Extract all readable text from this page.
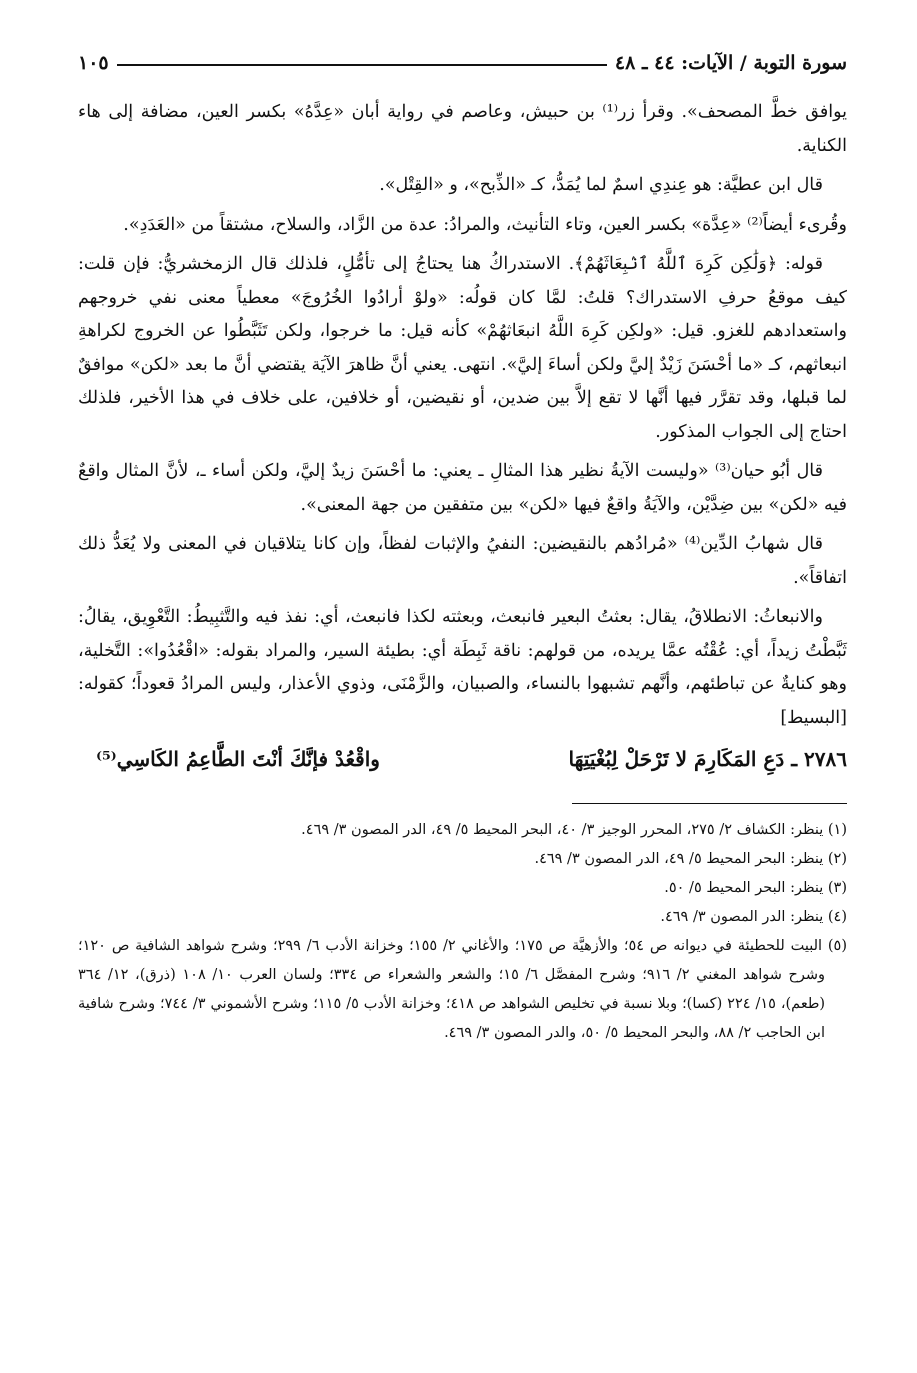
سورة التوبة / الآيات: ٤٤ ـ ٤٨
١٠٥

يوافق خطَّ المصحف». وقرأ زر⁽¹⁾ بن حبيش، وعاصم في رواية أبان «عِدَّهُ» بكسر العين، مضافة إلى هاء الكناية.

قال ابن عطيَّة: هو عِندِي اسمٌ لما يُمَدُّ، كـ «الذِّبح»، و «القِتْل».

وقُرىء أيضاً⁽²⁾ «عِدَّة» بكسر العين، وتاء التأنيث، والمرادُ: عدة من الزَّاد، والسلاح، مشتقاً من «العَدَدِ».

قوله: ﴿وَلَٰكِن كَرِهَ ٱللَّهُ ٱنۢبِعَاثَهُمْ﴾. الاستدراكُ هنا يحتاجُ إلى تأمُّلٍ، فلذلك قال الزمخشريُّ: فإن قلت: كيف موقعُ حرفِ الاستدراك؟ قلتُ: لمَّا كان قولُه: «ولوْ أرادُوا الخُرُوجَ» معطياً معنى نفي خروجهم واستعدادهم للغزو. قيل: «ولكِن كَرِهَ اللَّهُ انبعَاثهُمْ» كأنه قيل: ما خرجوا، ولكن تَثَبَّطُوا عن الخروج لكراهةِ انبعاثهم، كـ «ما أحْسَنَ زَيْدٌ إليَّ ولكن أساءَ إليَّ». انتهى. يعني أنَّ ظاهرَ الآيَة يقتضي أنَّ ما بعد «لكن» موافقٌ لما قبلها، وقد تقرَّر فيها أنَّها لا تقع إلاَّ بين ضدين، أو نقيضين، أو خلافين، على خلاف في هذا الأخير، فلذلك احتاج إلى الجواب المذكور.

قال أبُو حيان⁽³⁾ «وليست الآيةُ نظير هذا المثالِ ـ يعني: ما أحْسَنَ زيدٌ إليَّ، ولكن أساء ـ، لأنَّ المثال واقعٌ فيه «لكن» بين ضِدَّيْن، والآيَةُ واقعٌ فيها «لكن» بين متفقين من جهة المعنى».

قال شهابُ الدِّين⁽⁴⁾ «مُرادُهم بالنقيضين: النفيُ والإثبات لفظاً، وإن كانا يتلاقيان في المعنى ولا يُعَدُّ ذلك اتفاقاً».

والانبعاثُ: الانطلاقُ، يقال: بعثتُ البعير فانبعث، وبعثته لكذا فانبعث، أي: نفذ فيه والتَّثبِيطُ: التَّعْوِيق، يقالُ: ثَبَّطْتُ زيداً، أي: عُقْتُه عمَّا يريده، من قولهم: ناقة ثَبِطَة أي: بطيئة السير، والمراد بقوله: «اقْعُدُوا»: التَّخلية، وهو كنايةٌ عن تباطئهم، وأنَّهم تشبهوا بالنساء، والصبيان، والزَّمْنَى، وذوي الأعذار، وليس المرادُ قعوداً؛ كقوله: [البسيط]

٢٧٨٦ ـ دَعِ المَكَارِمَ لا تَرْحَلْ لِبُغْيَتِهَا
واقْعُدْ فإنَّكَ أنْتَ الطَّاعِمُ الكَاسِي⁽⁵⁾
(١) ينظر: الكشاف ٢/ ٢٧٥، المحرر الوجيز ٣/ ٤٠، البحر المحيط ٥/ ٤٩، الدر المصون ٣/ ٤٦٩.
(٢) ينظر: البحر المحيط ٥/ ٤٩، الدر المصون ٣/ ٤٦٩.
(٣) ينظر: البحر المحيط ٥/ ٥٠.
(٤) ينظر: الدر المصون ٣/ ٤٦٩.
(٥) البيت للحطيئة في ديوانه ص ٥٤؛ والأزهيَّة ص ١٧٥؛ والأغاني ٢/ ١٥٥؛ وخزانة الأدب ٦/ ٢٩٩؛ وشرح شواهد الشافية ص ١٢٠؛ وشرح شواهد المغني ٢/ ٩١٦؛ وشرح المفصَّل ٦/ ١٥؛ والشعر والشعراء ص ٣٣٤؛ ولسان العرب ١٠/ ١٠٨ (ذرق)، ١٢/ ٣٦٤ (طعم)، ١٥/ ٢٢٤ (كسا)؛ وبلا نسبة في تخليص الشواهد ص ٤١٨؛ وخزانة الأدب ٥/ ١١٥؛ وشرح الأشموني ٣/ ٧٤٤؛ وشرح شافية ابن الحاجب ٢/ ٨٨، والبحر المحيط ٥/ ٥٠، والدر المصون ٣/ ٤٦٩.
